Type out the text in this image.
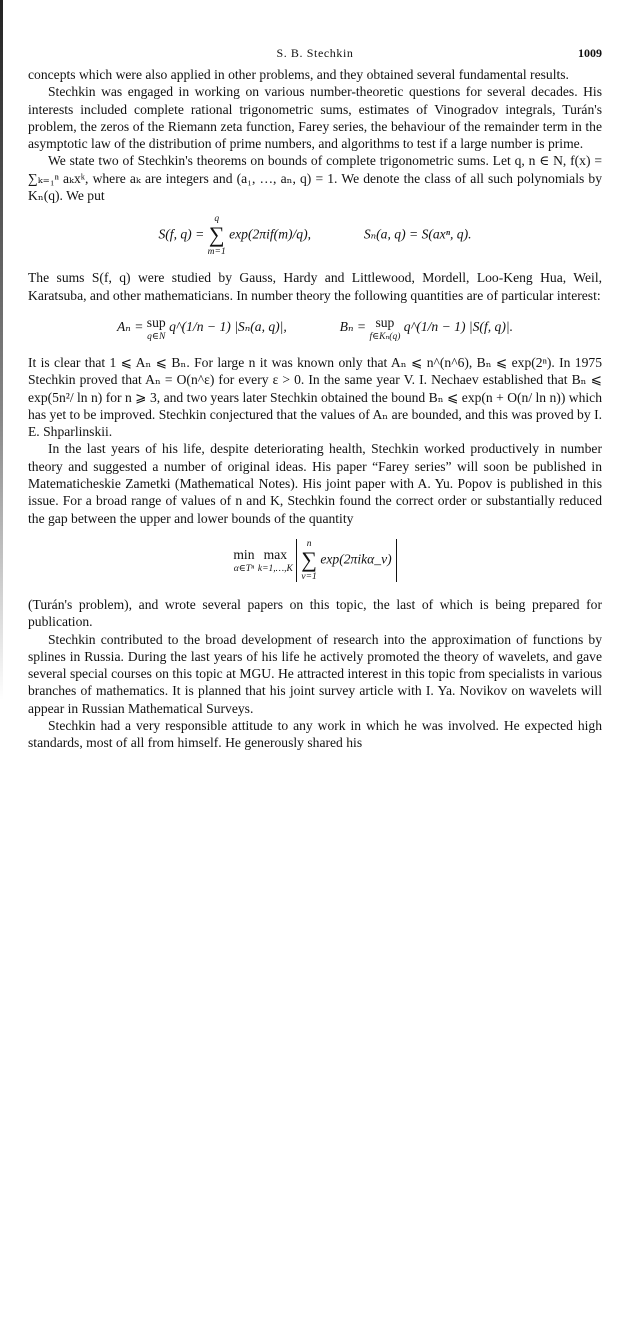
S. B. Stechkin	1009

concepts which were also applied in other problems, and they obtained several fundamental results.

Stechkin was engaged in working on various number-theoretic questions for several decades. His interests included complete rational trigonometric sums, estimates of Vinogradov integrals, Turán's problem, the zeros of the Riemann zeta function, Farey series, the behaviour of the remainder term in the asymptotic law of the distribution of prime numbers, and algorithms to test if a large number is prime.

We state two of Stechkin's theorems on bounds of complete trigonometric sums. Let q, n ∈ N, f(x) = ∑ₖ₌₁ⁿ aₖxᵏ, where aₖ are integers and (a₁, …, aₙ, q) = 1. We denote the class of all such polynomials by Kₙ(q). We put

S(f, q) =
q
∑
m=1
exp(2πif(m)/q),	Sₙ(a, q) = S(axⁿ, q).

The sums S(f, q) were studied by Gauss, Hardy and Littlewood, Mordell, Loo-Keng Hua, Weil, Karatsuba, and other mathematicians. In number theory the following quantities are of particular interest:

Aₙ = sup
q∈N
q^(1/n − 1) |Sₙ(a, q)|,	Bₙ = sup
f∈Kₙ(q)
q^(1/n − 1) |S(f, q)|.

It is clear that 1 ⩽ Aₙ ⩽ Bₙ. For large n it was known only that Aₙ ⩽ n^(n^6), Bₙ ⩽ exp(2ⁿ). In 1975 Stechkin proved that Aₙ = O(n^ε) for every ε > 0. In the same year V. I. Nechaev established that Bₙ ⩽ exp(5n²/ ln n) for n ⩾ 3, and two years later Stechkin obtained the bound Bₙ ⩽ exp(n + O(n/ ln n)) which has yet to be improved. Stechkin conjectured that the values of Aₙ are bounded, and this was proved by I. E. Shparlinskii.

In the last years of his life, despite deteriorating health, Stechkin worked productively in number theory and suggested a number of original ideas. His paper “Farey series” will soon be published in Matematicheskie Zametki (Mathematical Notes). His joint paper with A. Yu. Popov is published in this issue. For a broad range of values of n and K, Stechkin found the correct order or substantially reduced the gap between the upper and lower bounds of the quantity

min
α∈Tⁿ
max
k=1,…,K

n
∑
ν=1
exp(2πikα_ν)

(Turán's problem), and wrote several papers on this topic, the last of which is being prepared for publication.

Stechkin contributed to the broad development of research into the approximation of functions by splines in Russia. During the last years of his life he actively promoted the theory of wavelets, and gave several special courses on this topic at MGU. He attracted interest in this topic from specialists in various branches of mathematics. It is planned that his joint survey article with I. Ya. Novikov on wavelets will appear in Russian Mathematical Surveys.

Stechkin had a very responsible attitude to any work in which he was involved. He expected high standards, most of all from himself. He generously shared his
